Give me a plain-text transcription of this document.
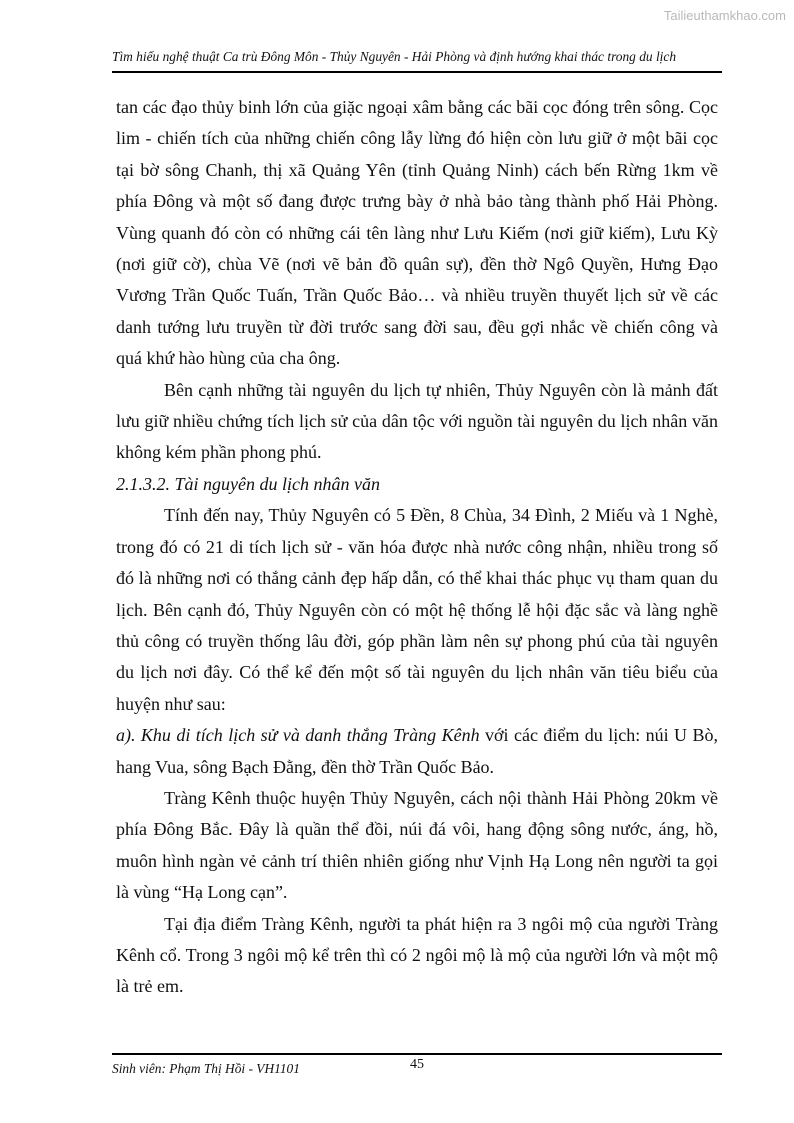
Tailieuthamkhao.com
Tìm hiểu nghệ thuật Ca trù Đông Môn - Thủy Nguyên - Hải Phòng và định hướng khai thác trong du lịch

tan các đạo thủy binh lớn của giặc ngoại xâm bằng các bãi cọc đóng trên sông. Cọc lim - chiến tích của những chiến công lẫy lừng đó hiện còn lưu giữ ở một bãi cọc tại bờ sông Chanh, thị xã Quảng Yên (tỉnh Quảng Ninh) cách bến Rừng 1km về phía Đông và một số đang được trưng bày ở nhà bảo tàng thành phố Hải Phòng. Vùng quanh đó còn có những cái tên làng như Lưu Kiếm (nơi giữ kiếm), Lưu Kỳ (nơi giữ cờ), chùa Vẽ (nơi vẽ bản đồ quân sự), đền thờ Ngô Quyền, Hưng Đạo Vương Trần Quốc Tuấn, Trần Quốc Bảo… và nhiều truyền thuyết lịch sử về các danh tướng lưu truyền từ đời trước sang đời sau, đều gợi nhắc về chiến công và quá khứ hào hùng của cha ông.

Bên cạnh những tài nguyên du lịch tự nhiên, Thủy Nguyên còn là mảnh đất lưu giữ nhiều chứng tích lịch sử của dân tộc với nguồn tài nguyên du lịch nhân văn không kém phần phong phú.

2.1.3.2. Tài nguyên du lịch nhân văn

Tính đến nay, Thủy Nguyên có 5 Đền, 8 Chùa, 34 Đình, 2 Miếu và 1 Nghè, trong đó có 21 di tích lịch sử - văn hóa được nhà nước công nhận, nhiều trong số đó là những nơi có thắng cảnh đẹp hấp dẫn, có thể khai thác phục vụ tham quan du lịch. Bên cạnh đó, Thủy Nguyên còn có một hệ thống lễ hội đặc sắc và làng nghề thủ công có truyền thống lâu đời, góp phần làm nên sự phong phú của tài nguyên du lịch nơi đây. Có thể kể đến một số tài nguyên du lịch nhân văn tiêu biểu của huyện như sau:

a). Khu di tích lịch sử và danh thắng Tràng Kênh với các điểm du lịch: núi U Bò, hang Vua, sông Bạch Đằng, đền thờ Trần Quốc Bảo.

Tràng Kênh thuộc huyện Thủy Nguyên, cách nội thành Hải Phòng 20km về phía Đông Bắc. Đây là quần thể đồi, núi đá vôi, hang động sông nước, áng, hồ, muôn hình ngàn vẻ cảnh trí thiên nhiên giống như Vịnh Hạ Long nên người ta gọi là vùng “Hạ Long cạn”.

Tại địa điểm Tràng Kênh, người ta phát hiện ra 3 ngôi mộ của người Tràng Kênh cổ. Trong 3 ngôi mộ kể trên thì có 2 ngôi mộ là mộ của người lớn và một mộ là trẻ em.

Sinh viên: Phạm Thị Hồi - VH1101	45
